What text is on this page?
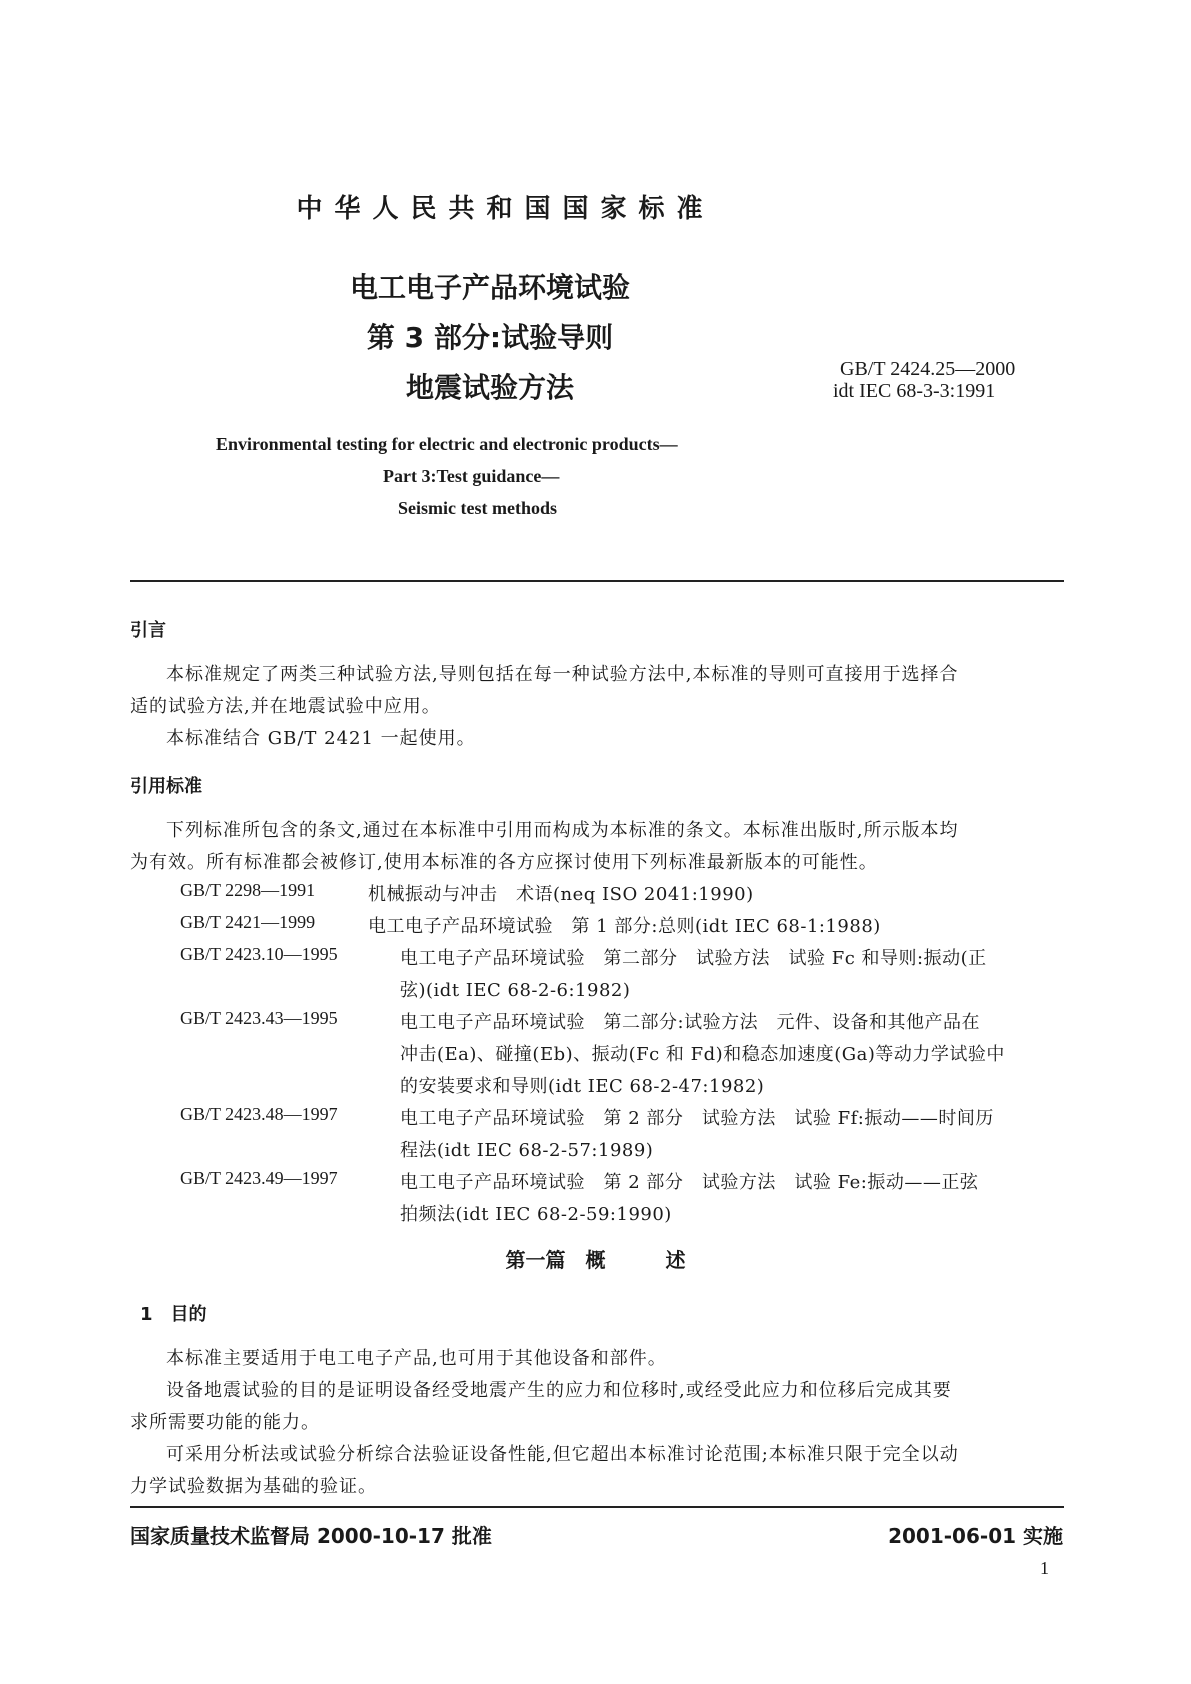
中华人民共和国国家标准
电工电子产品环境试验
第 3 部分:试验导则
地震试验方法
GB/T 2424.25—2000
idt IEC 68-3-3:1991
Environmental testing for electric and electronic products—
Part 3:Test guidance—
Seismic test methods
引言
本标准规定了两类三种试验方法,导则包括在每一种试验方法中,本标准的导则可直接用于选择合
适的试验方法,并在地震试验中应用。
本标准结合 GB/T 2421 一起使用。
引用标准
下列标准所包含的条文,通过在本标准中引用而构成为本标准的条文。本标准出版时,所示版本均
为有效。所有标准都会被修订,使用本标准的各方应探讨使用下列标准最新版本的可能性。
GB/T 2298—1991	机械振动与冲击　术语(neq ISO 2041:1990)
GB/T 2421—1999	电工电子产品环境试验　第 1 部分:总则(idt IEC 68-1:1988)
GB/T 2423.10—1995	电工电子产品环境试验　第二部分　试验方法　试验 Fc 和导则:振动(正
弦)(idt IEC 68-2-6:1982)
GB/T 2423.43—1995	电工电子产品环境试验　第二部分:试验方法　元件、设备和其他产品在
冲击(Ea)、碰撞(Eb)、振动(Fc 和 Fd)和稳态加速度(Ga)等动力学试验中
的安装要求和导则(idt IEC 68-2-47:1982)
GB/T 2423.48—1997	电工电子产品环境试验　第 2 部分　试验方法　试验 Ff:振动——时间历
程法(idt IEC 68-2-57:1989)
GB/T 2423.49—1997	电工电子产品环境试验　第 2 部分　试验方法　试验 Fe:振动——正弦
拍频法(idt IEC 68-2-59:1990)
第一篇　概　　　述
1　目的
本标准主要适用于电工电子产品,也可用于其他设备和部件。
设备地震试验的目的是证明设备经受地震产生的应力和位移时,或经受此应力和位移后完成其要
求所需要功能的能力。
可采用分析法或试验分析综合法验证设备性能,但它超出本标准讨论范围;本标准只限于完全以动
力学试验数据为基础的验证。
国家质量技术监督局 2000-10-17 批准	2001-06-01 实施
1
